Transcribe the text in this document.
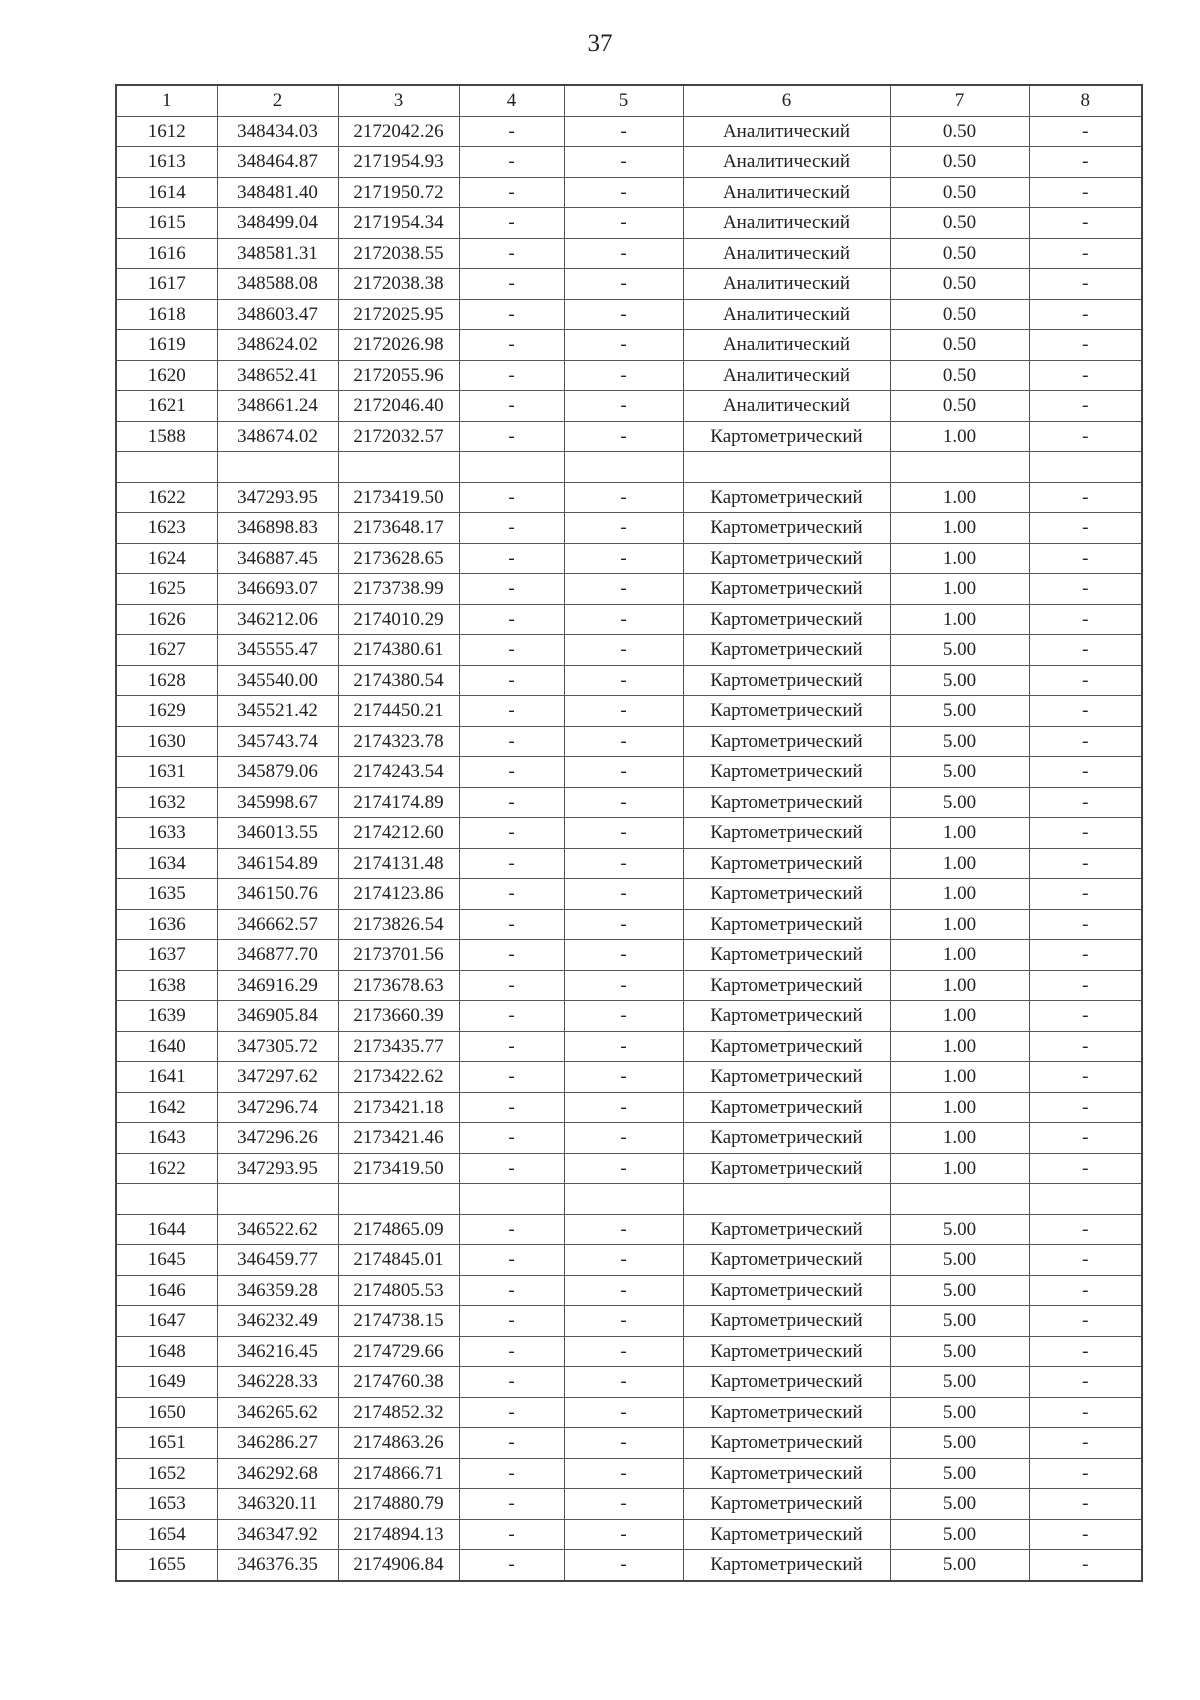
37
1	2	3	4	5	6	7	8
1612	348434.03	2172042.26	-	-	Аналитический	0.50	-
1613	348464.87	2171954.93	-	-	Аналитический	0.50	-
1614	348481.40	2171950.72	-	-	Аналитический	0.50	-
1615	348499.04	2171954.34	-	-	Аналитический	0.50	-
1616	348581.31	2172038.55	-	-	Аналитический	0.50	-
1617	348588.08	2172038.38	-	-	Аналитический	0.50	-
1618	348603.47	2172025.95	-	-	Аналитический	0.50	-
1619	348624.02	2172026.98	-	-	Аналитический	0.50	-
1620	348652.41	2172055.96	-	-	Аналитический	0.50	-
1621	348661.24	2172046.40	-	-	Аналитический	0.50	-
1588	348674.02	2172032.57	-	-	Картометрический	1.00	-

1622	347293.95	2173419.50	-	-	Картометрический	1.00	-
1623	346898.83	2173648.17	-	-	Картометрический	1.00	-
1624	346887.45	2173628.65	-	-	Картометрический	1.00	-
1625	346693.07	2173738.99	-	-	Картометрический	1.00	-
1626	346212.06	2174010.29	-	-	Картометрический	1.00	-
1627	345555.47	2174380.61	-	-	Картометрический	5.00	-
1628	345540.00	2174380.54	-	-	Картометрический	5.00	-
1629	345521.42	2174450.21	-	-	Картометрический	5.00	-
1630	345743.74	2174323.78	-	-	Картометрический	5.00	-
1631	345879.06	2174243.54	-	-	Картометрический	5.00	-
1632	345998.67	2174174.89	-	-	Картометрический	5.00	-
1633	346013.55	2174212.60	-	-	Картометрический	1.00	-
1634	346154.89	2174131.48	-	-	Картометрический	1.00	-
1635	346150.76	2174123.86	-	-	Картометрический	1.00	-
1636	346662.57	2173826.54	-	-	Картометрический	1.00	-
1637	346877.70	2173701.56	-	-	Картометрический	1.00	-
1638	346916.29	2173678.63	-	-	Картометрический	1.00	-
1639	346905.84	2173660.39	-	-	Картометрический	1.00	-
1640	347305.72	2173435.77	-	-	Картометрический	1.00	-
1641	347297.62	2173422.62	-	-	Картометрический	1.00	-
1642	347296.74	2173421.18	-	-	Картометрический	1.00	-
1643	347296.26	2173421.46	-	-	Картометрический	1.00	-
1622	347293.95	2173419.50	-	-	Картометрический	1.00	-

1644	346522.62	2174865.09	-	-	Картометрический	5.00	-
1645	346459.77	2174845.01	-	-	Картометрический	5.00	-
1646	346359.28	2174805.53	-	-	Картометрический	5.00	-
1647	346232.49	2174738.15	-	-	Картометрический	5.00	-
1648	346216.45	2174729.66	-	-	Картометрический	5.00	-
1649	346228.33	2174760.38	-	-	Картометрический	5.00	-
1650	346265.62	2174852.32	-	-	Картометрический	5.00	-
1651	346286.27	2174863.26	-	-	Картометрический	5.00	-
1652	346292.68	2174866.71	-	-	Картометрический	5.00	-
1653	346320.11	2174880.79	-	-	Картометрический	5.00	-
1654	346347.92	2174894.13	-	-	Картометрический	5.00	-
1655	346376.35	2174906.84	-	-	Картометрический	5.00	-
